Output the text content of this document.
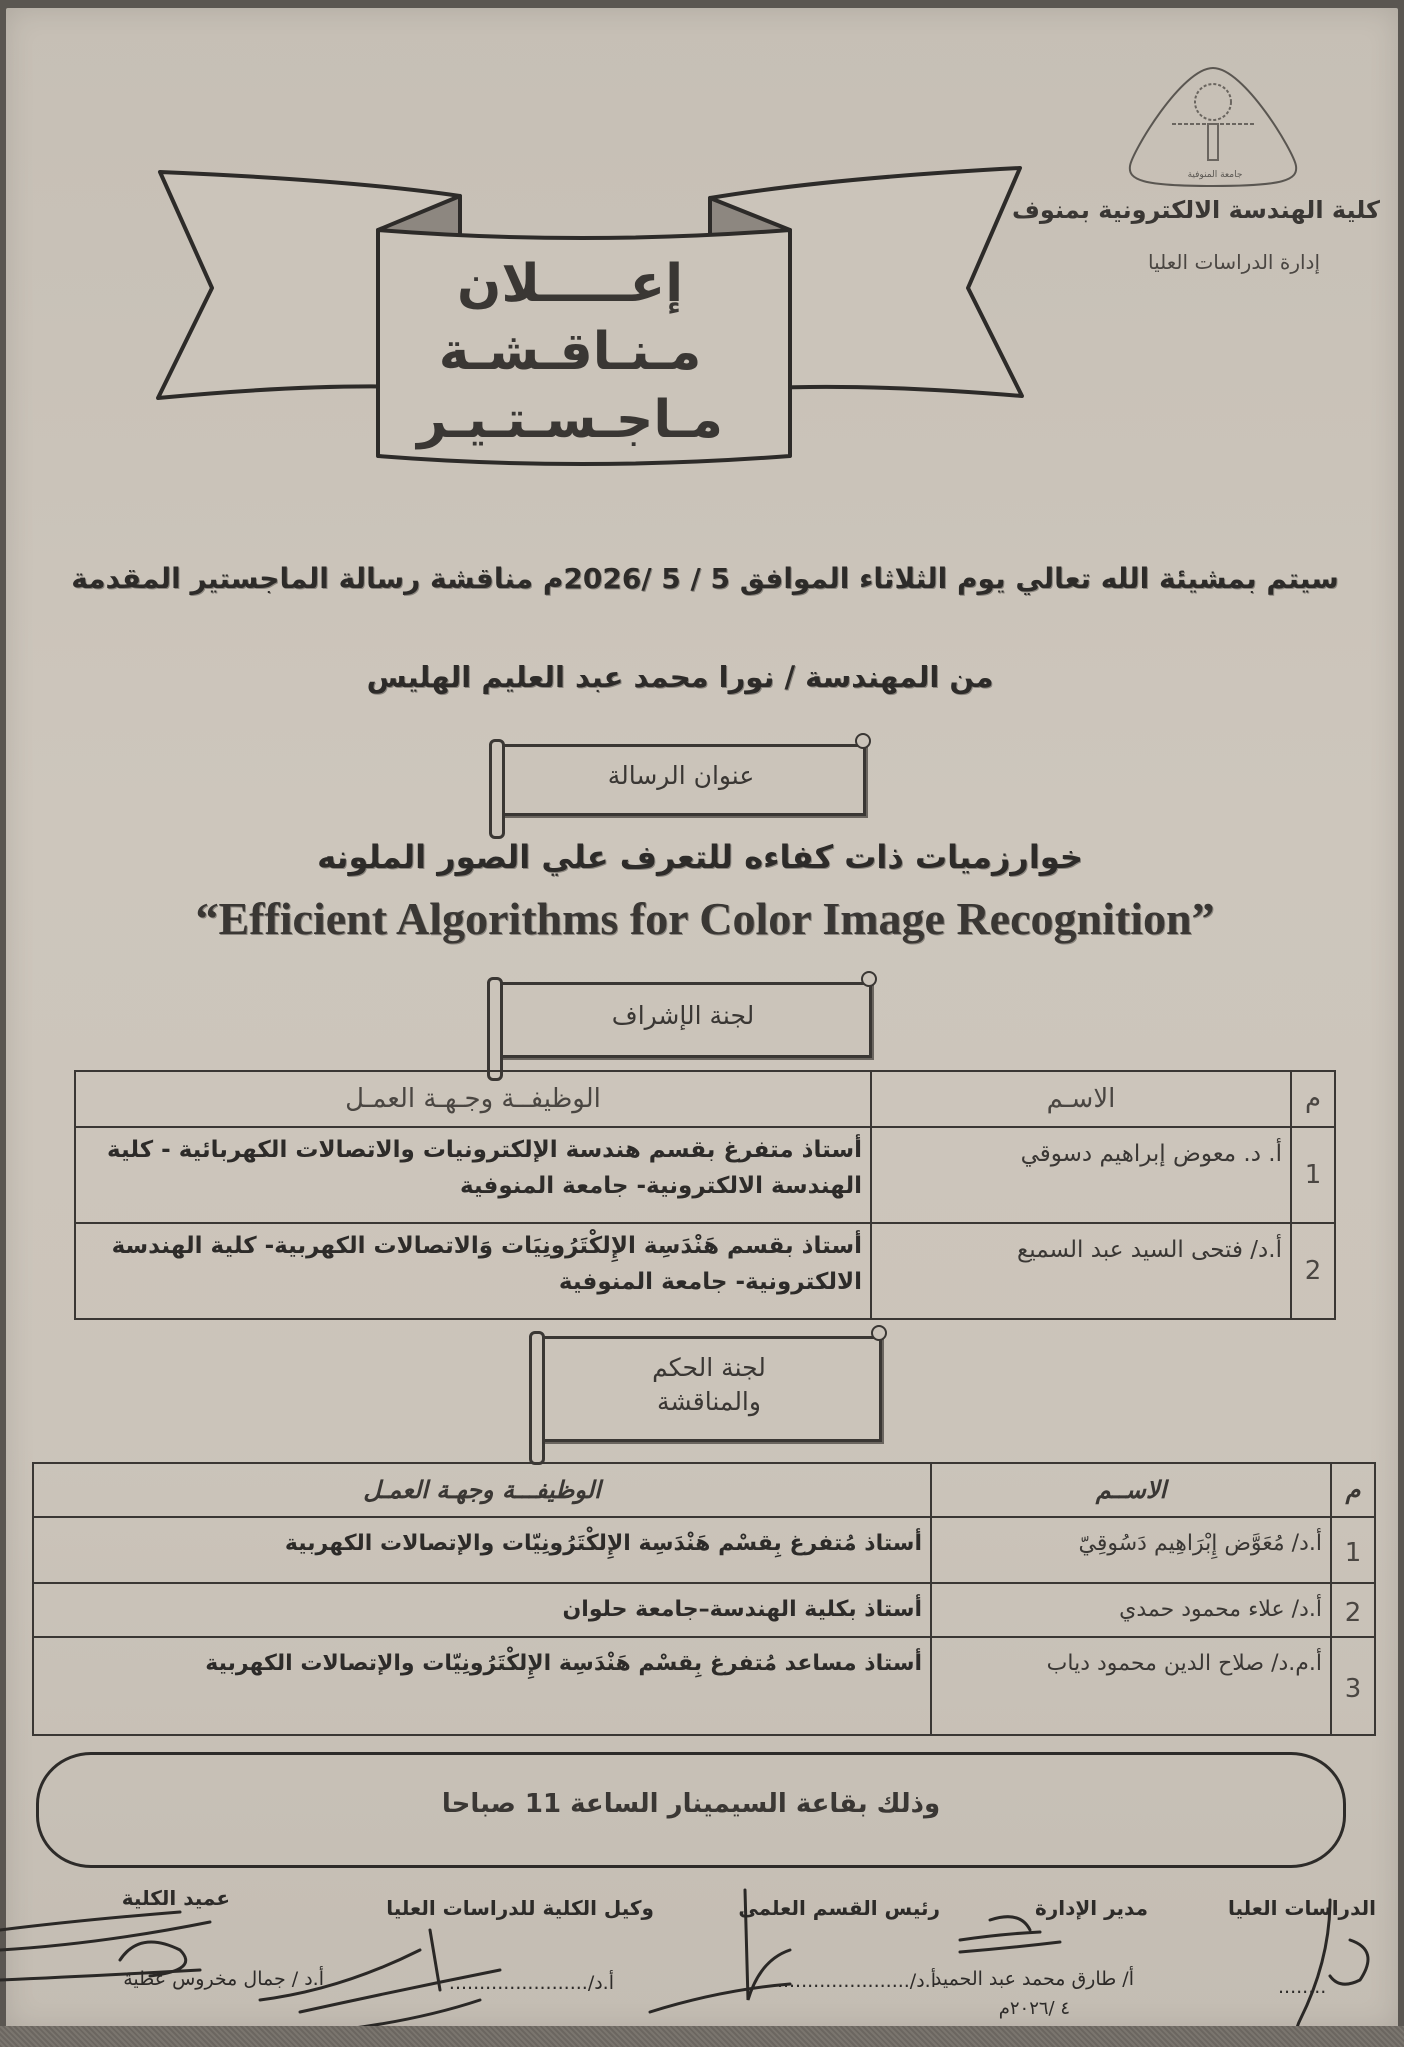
جامعة المنوفية
كلية الهندسة الالكترونية بمنوف
إدارة الدراسات العليا
إعـــــلان
مـنـاقـشـة
مـاجـسـتـيـر
سيتم بمشيئة الله تعالي يوم الثلاثاء الموافق 5 / 5 /2026م مناقشة رسالة الماجستير المقدمة
من المهندسة / نورا محمد عبد العليم الهليس
عنوان الرسالة
خوارزميات ذات كفاءه للتعرف علي الصور الملونه
“Efficient Algorithms for Color Image Recognition”
لجنة الإشراف
م	الاسـم	الوظيفــة وجـهـة العمـل
1	أ. د. معوض إبراهيم دسوقي	أستاذ متفرغ بقسم هندسة الإلكترونيات والاتصالات الكهربائية - كلية الهندسة الالكترونية- جامعة المنوفية
2	أ.د/ فتحى السيد عبد السميع	أستاذ بقسم هَنْدَسِة الإِلكْتَرُونِيَات وَالاتصالات الكهربية- كلية الهندسة الالكترونية- جامعة المنوفية
لجنة الحكم
والمناقشة
م	الاســم	الوظيفـــة وجهـة العمـل
1	أ.د/ مُعَوَّض إِبْرَاهِيم دَسُوقِيّ	أستاذ مُتفرغ بِقسْم هَنْدَسِة الإِلكْتَرُونِيّات والإتصالات الكهربية
2	أ.د/ علاء محمود حمدي	أستاذ بكلية الهندسة–جامعة حلوان
3	أ.م.د/ صلاح الدين محمود دياب	أستاذ مساعد مُتفرغ بِقسْم هَنْدَسِة الإِلكْتَرُونِيّات والإتصالات الكهربية
وذلك بقاعة السيمينار الساعة 11 صباحا
الدراسات العليا
........
مدير الإدارة
أ/ طارق محمد عبد الحميد
٤ /٢٠٢٦م
رئيس القسم العلمى
أ.د/......................
وكيل الكلية للدراسات العليا
أ.د/.......................
عميد الكلية
أ.د / جمال مخروس عطية
